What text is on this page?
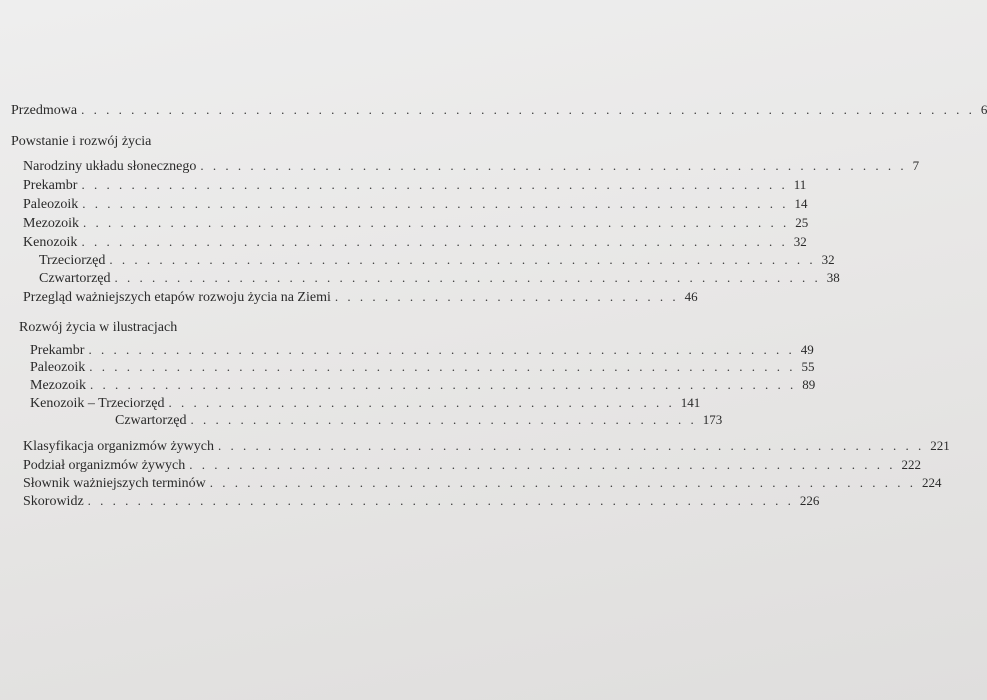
Przedmowa . . . . . . . . . . . . . . . . . . . . . . . . . . . . . . . . . . . . . . . . . . . . . . . . . . . . . . . . . . . . . . . . . . . . . . . . 6
Powstanie i rozwój życia
Narodziny układu słonecznego . . . . . . . . . . . . . . . . . . . . . . . . . . . . . . . . . . . . . . . . . . . . . . . . . . . . . . . . . 7
Prekambr . . . . . . . . . . . . . . . . . . . . . . . . . . . . . . . . . . . . . . . . . . . . . . . . . . . . . . . . . 11
Paleozoik . . . . . . . . . . . . . . . . . . . . . . . . . . . . . . . . . . . . . . . . . . . . . . . . . . . . . . . . . 14
Mezozoik . . . . . . . . . . . . . . . . . . . . . . . . . . . . . . . . . . . . . . . . . . . . . . . . . . . . . . . . . 25
Kenozoik . . . . . . . . . . . . . . . . . . . . . . . . . . . . . . . . . . . . . . . . . . . . . . . . . . . . . . . . . 32
Trzeciorzęd . . . . . . . . . . . . . . . . . . . . . . . . . . . . . . . . . . . . . . . . . . . . . . . . . . . . . . . . . 32
Czwartorzęd . . . . . . . . . . . . . . . . . . . . . . . . . . . . . . . . . . . . . . . . . . . . . . . . . . . . . . . . . 38
Przegląd ważniejszych etapów rozwoju życia na Ziemi . . . . . . . . . . . . . . . . . . . . . . . . . . . . 46
Rozwój życia w ilustracjach
Prekambr . . . . . . . . . . . . . . . . . . . . . . . . . . . . . . . . . . . . . . . . . . . . . . . . . . . . . . . . . 49
Paleozoik . . . . . . . . . . . . . . . . . . . . . . . . . . . . . . . . . . . . . . . . . . . . . . . . . . . . . . . . . 55
Mezozoik . . . . . . . . . . . . . . . . . . . . . . . . . . . . . . . . . . . . . . . . . . . . . . . . . . . . . . . . . 89
Kenozoik – Trzeciorzęd . . . . . . . . . . . . . . . . . . . . . . . . . . . . . . . . . . . . . . . . . 141
Czwartorzęd . . . . . . . . . . . . . . . . . . . . . . . . . . . . . . . . . . . . . . . . . 173
Klasyfikacja organizmów żywych . . . . . . . . . . . . . . . . . . . . . . . . . . . . . . . . . . . . . . . . . . . . . . . . . . . . . . . . . 221
Podział organizmów żywych . . . . . . . . . . . . . . . . . . . . . . . . . . . . . . . . . . . . . . . . . . . . . . . . . . . . . . . . . 222
Słownik ważniejszych terminów . . . . . . . . . . . . . . . . . . . . . . . . . . . . . . . . . . . . . . . . . . . . . . . . . . . . . . . . . 224
Skorowidz . . . . . . . . . . . . . . . . . . . . . . . . . . . . . . . . . . . . . . . . . . . . . . . . . . . . . . . . . 226
